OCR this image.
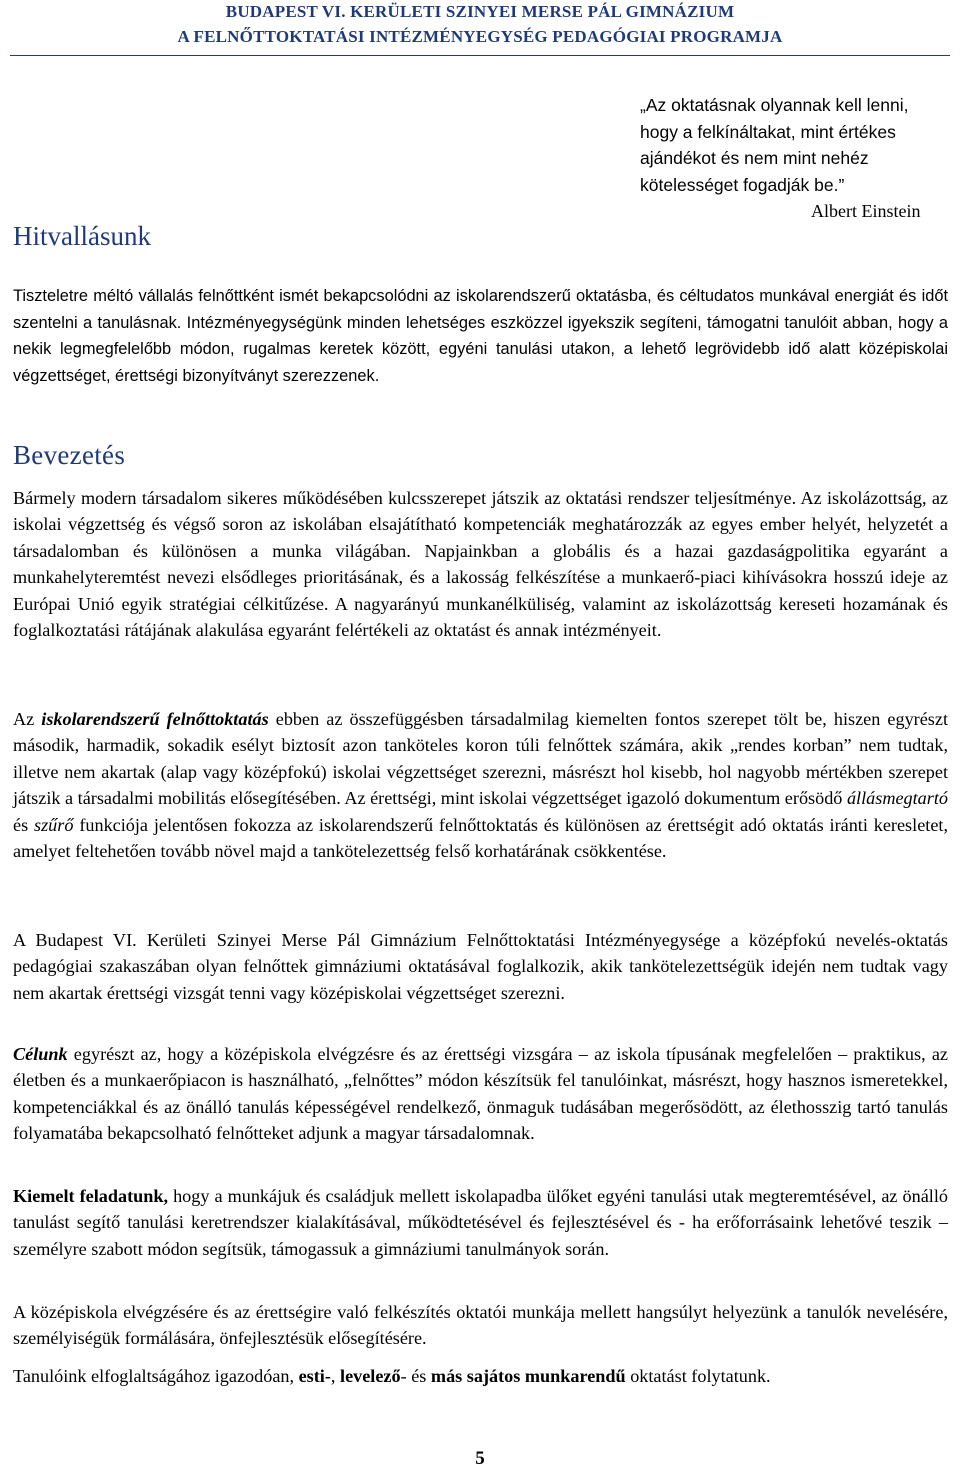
BUDAPEST VI. KERÜLETI SZINYEI MERSE PÁL GIMNÁZIUM
A FELNŐTTOKTATÁSI INTÉZMÉNYEGYSÉG PEDAGÓGIAI PROGRAMJA
„Az oktatásnak olyannak kell lenni, hogy a felkínáltakat, mint értékes ajándékot és nem mint nehéz kötelességet fogadják be.”
Albert Einstein
Hitvallásunk

Tiszteletre méltó vállalás felnőttként ismét bekapcsolódni az iskolarendszerű oktatásba, és céltudatos munkával energiát és időt szentelni a tanulásnak. Intézményegységünk minden lehetséges eszközzel igyekszik segíteni, támogatni tanulóit abban, hogy a nekik legmegfelelőbb módon, rugalmas keretek között, egyéni tanulási utakon, a lehető legrövidebb idő alatt középiskolai végzettséget, érettségi bizonyítványt szerezzenek.

Bevezetés

Bármely modern társadalom sikeres működésében kulcsszerepet játszik az oktatási rendszer teljesítménye. Az iskolázottság, az iskolai végzettség és végső soron az iskolában elsajátítható kompetenciák meghatározzák az egyes ember helyét, helyzetét a társadalomban és különösen a munka világában. Napjainkban a globális és a hazai gazdaságpolitika egyaránt a munkahelyteremtést nevezi elsődleges prioritásának, és a lakosság felkészítése a munkaerő-piaci kihívásokra hosszú ideje az Európai Unió egyik stratégiai célkitűzése. A nagyarányú munkanélküliség, valamint az iskolázottság kereseti hozamának és foglalkoztatási rátájának alakulása egyaránt felértékeli az oktatást és annak intézményeit.

Az iskolarendszerű felnőttoktatás ebben az összefüggésben társadalmilag kiemelten fontos szerepet tölt be, hiszen egyrészt második, harmadik, sokadik esélyt biztosít azon tanköteles koron túli felnőttek számára, akik „rendes korban” nem tudtak, illetve nem akartak (alap vagy középfokú) iskolai végzettséget szerezni, másrészt hol kisebb, hol nagyobb mértékben szerepet játszik a társadalmi mobilitás elősegítésében. Az érettségi, mint iskolai végzettséget igazoló dokumentum erősödő állásmegtartó és szűrő funkciója jelentősen fokozza az iskolarendszerű felnőttoktatás és különösen az érettségit adó oktatás iránti keresletet, amelyet feltehetően tovább növel majd a tankötelezettség felső korhatárának csökkentése.

A Budapest VI. Kerületi Szinyei Merse Pál Gimnázium Felnőttoktatási Intézményegysége a középfokú nevelés-oktatás pedagógiai szakaszában olyan felnőttek gimnáziumi oktatásával foglalkozik, akik tankötelezettségük idején nem tudtak vagy nem akartak érettségi vizsgát tenni vagy középiskolai végzettséget szerezni.

Célunk egyrészt az, hogy a középiskola elvégzésre és az érettségi vizsgára – az iskola típusának megfelelően – praktikus, az életben és a munkaerőpiacon is használható, „felnőttes” módon készítsük fel tanulóinkat, másrészt, hogy hasznos ismeretekkel, kompetenciákkal és az önálló tanulás képességével rendelkező, önmaguk tudásában megerősödött, az élethosszig tartó tanulás folyamatába bekapcsolható felnőtteket adjunk a magyar társadalomnak.

Kiemelt feladatunk, hogy a munkájuk és családjuk mellett iskolapadba ülőket egyéni tanulási utak megteremtésével, az önálló tanulást segítő tanulási keretrendszer kialakításával, működtetésével és fejlesztésével és - ha erőforrásaink lehetővé teszik – személyre szabott módon segítsük, támogassuk a gimnáziumi tanulmányok során.

A középiskola elvégzésére és az érettségire való felkészítés oktatói munkája mellett hangsúlyt helyezünk a tanulók nevelésére, személyiségük formálására, önfejlesztésük elősegítésére.

Tanulóink elfoglaltságához igazodóan, esti-, levelező- és más sajátos munkarendű oktatást folytatunk.

5
